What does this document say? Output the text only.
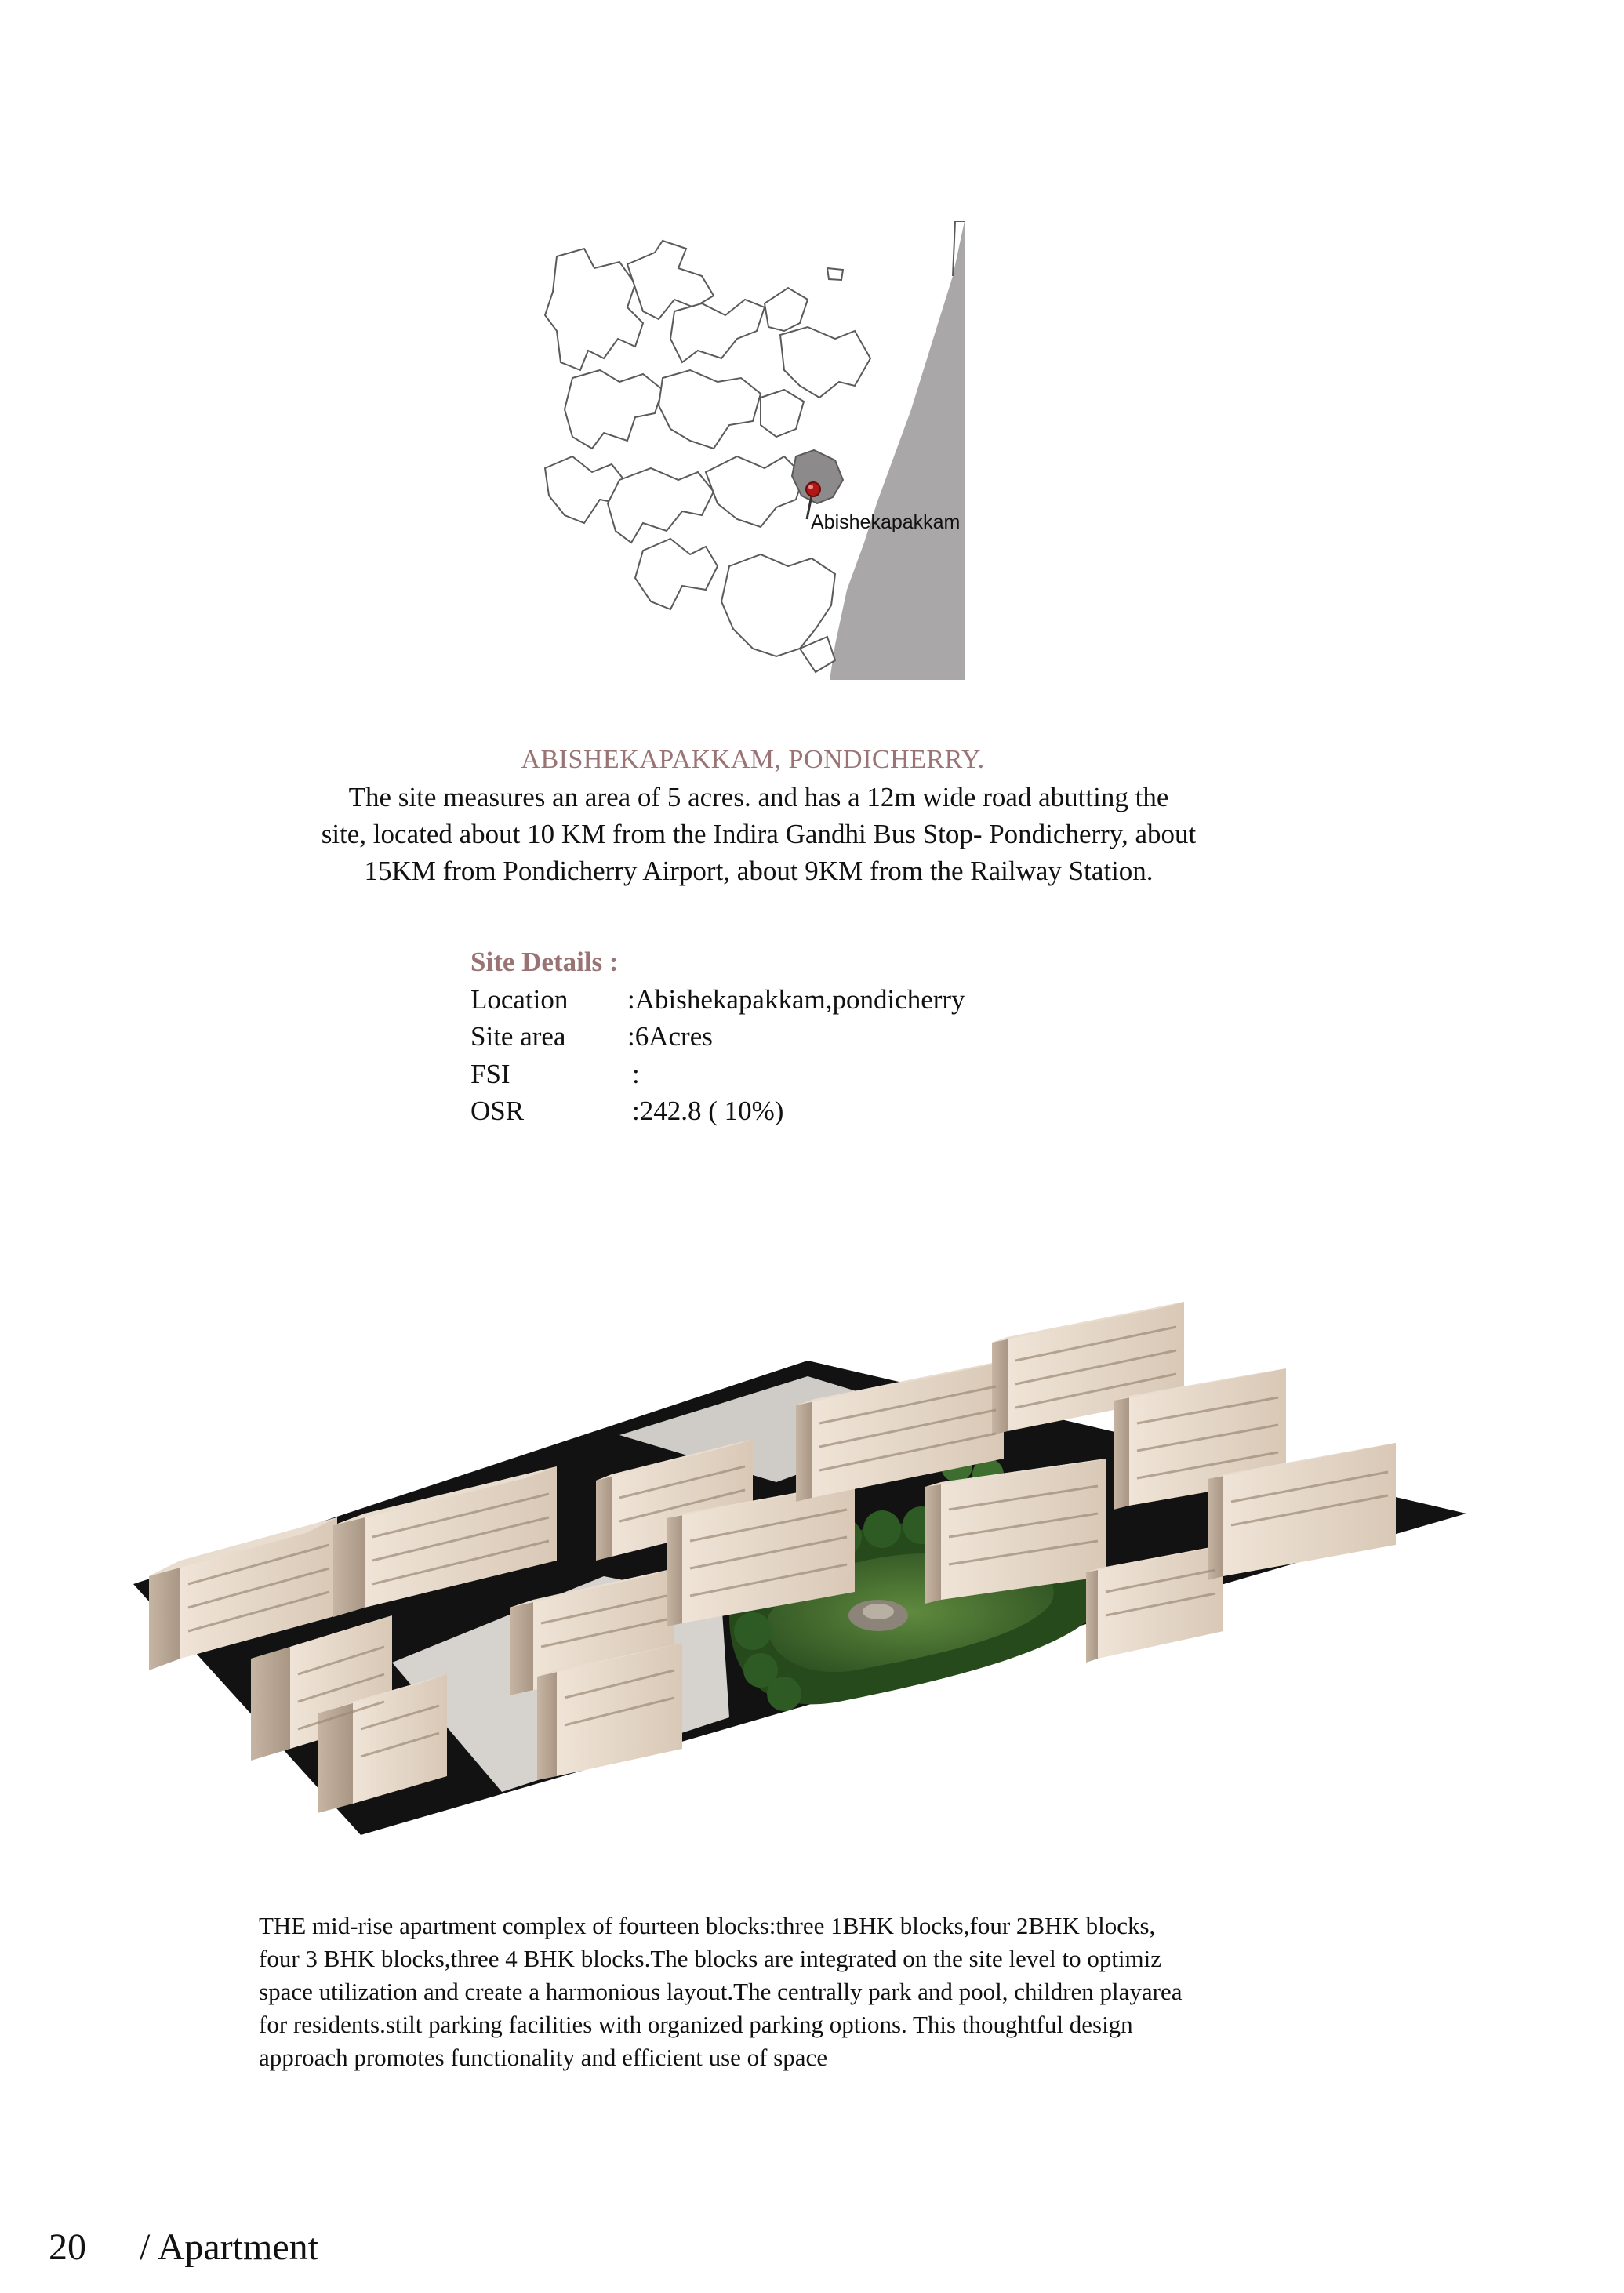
Abishekapakkam
ABISHEKAPAKKAM, PONDICHERRY.
The site measures an area of 5 acres. and has a 12m wide road abutting the
site, located about 10 KM from the Indira Gandhi Bus Stop- Pondicherry, about
15KM from Pondicherry Airport, about 9KM from the Railway Station.
Site Details :
Location :Abishekapakkam,pondicherry
Site area :6Acres
FSI	:
OSR	:242.8 ( 10%)
THE mid-rise apartment complex of fourteen blocks:three 1BHK blocks,four 2BHK blocks,
four 3 BHK blocks,three 4 BHK blocks.The blocks are integrated on the site level to optimiz
space utilization and create a harmonious layout.The centrally park and pool, children playarea
for residents.stilt parking facilities with organized parking options. This thoughtful design
approach promotes functionality and efficient use of space
20 / Apartment
